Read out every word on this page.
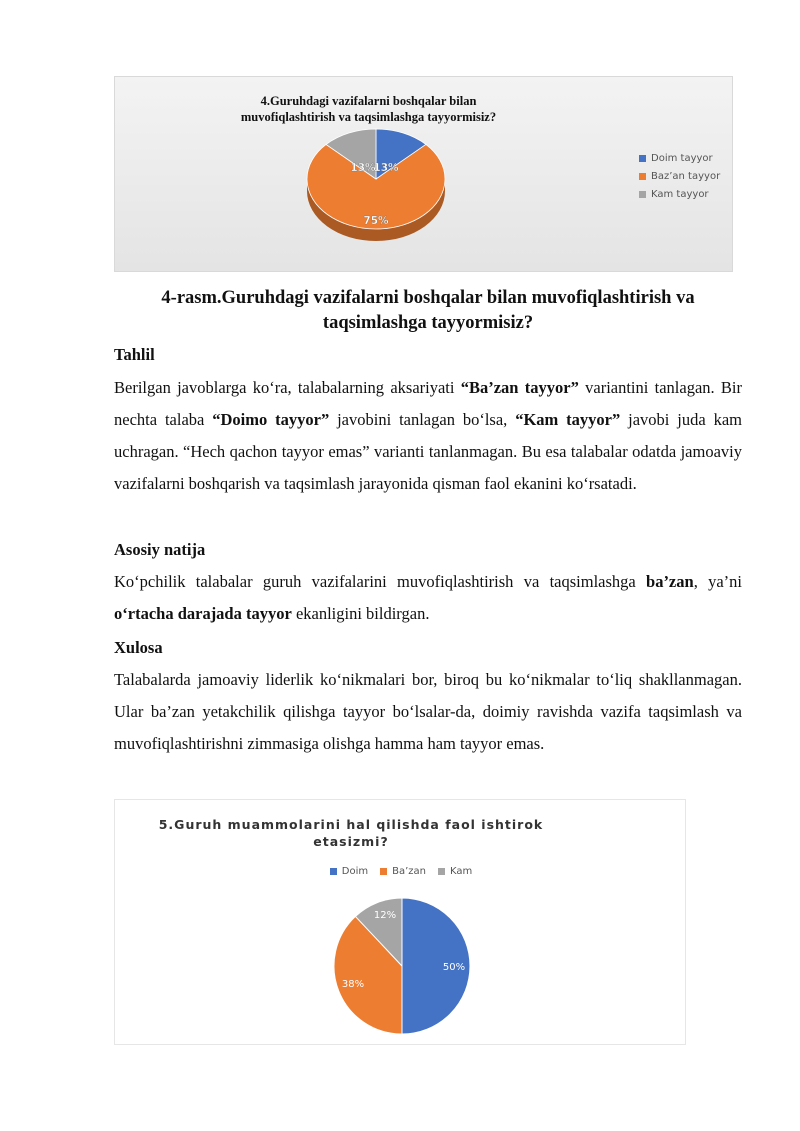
4.Guruhdagi vazifalarni boshqalar bilan muvofiqlashtirish va taqsimlashga tayyormisiz?
13%
75%
13%
Doim tayyor
Baz’an tayyor
Kam tayyor
4-rasm.Guruhdagi vazifalarni boshqalar bilan muvofiqlashtirish va taqsimlashga tayyormisiz?
Tahlil
Berilgan javoblarga ko‘ra, talabalarning aksariyati “Ba’zan tayyor” variantini tanlagan. Bir nechta talaba “Doimo tayyor” javobini tanlagan bo‘lsa, “Kam tayyor” javobi juda kam uchragan. “Hech qachon tayyor emas” varianti tanlanmagan. Bu esa talabalar odatda jamoaviy vazifalarni boshqarish va taqsimlash jarayonida qisman faol ekanini ko‘rsatadi.
Asosiy natija
Ko‘pchilik talabalar guruh vazifalarini muvofiqlashtirish va taqsimlashga ba’zan, ya’ni o‘rtacha darajada tayyor ekanligini bildirgan.
Xulosa
Talabalarda jamoaviy liderlik ko‘nikmalari bor, biroq bu ko‘nikmalar to‘liq shakllanmagan. Ular ba’zan yetakchilik qilishga tayyor bo‘lsalar-da, doimiy ravishda vazifa taqsimlash va muvofiqlashtirishni zimmasiga olishga hamma ham tayyor emas.
5.Guruh muammolarini hal qilishda faol ishtirok etasizmi?
Doim Ba’zan Kam
50%
38%
12%
